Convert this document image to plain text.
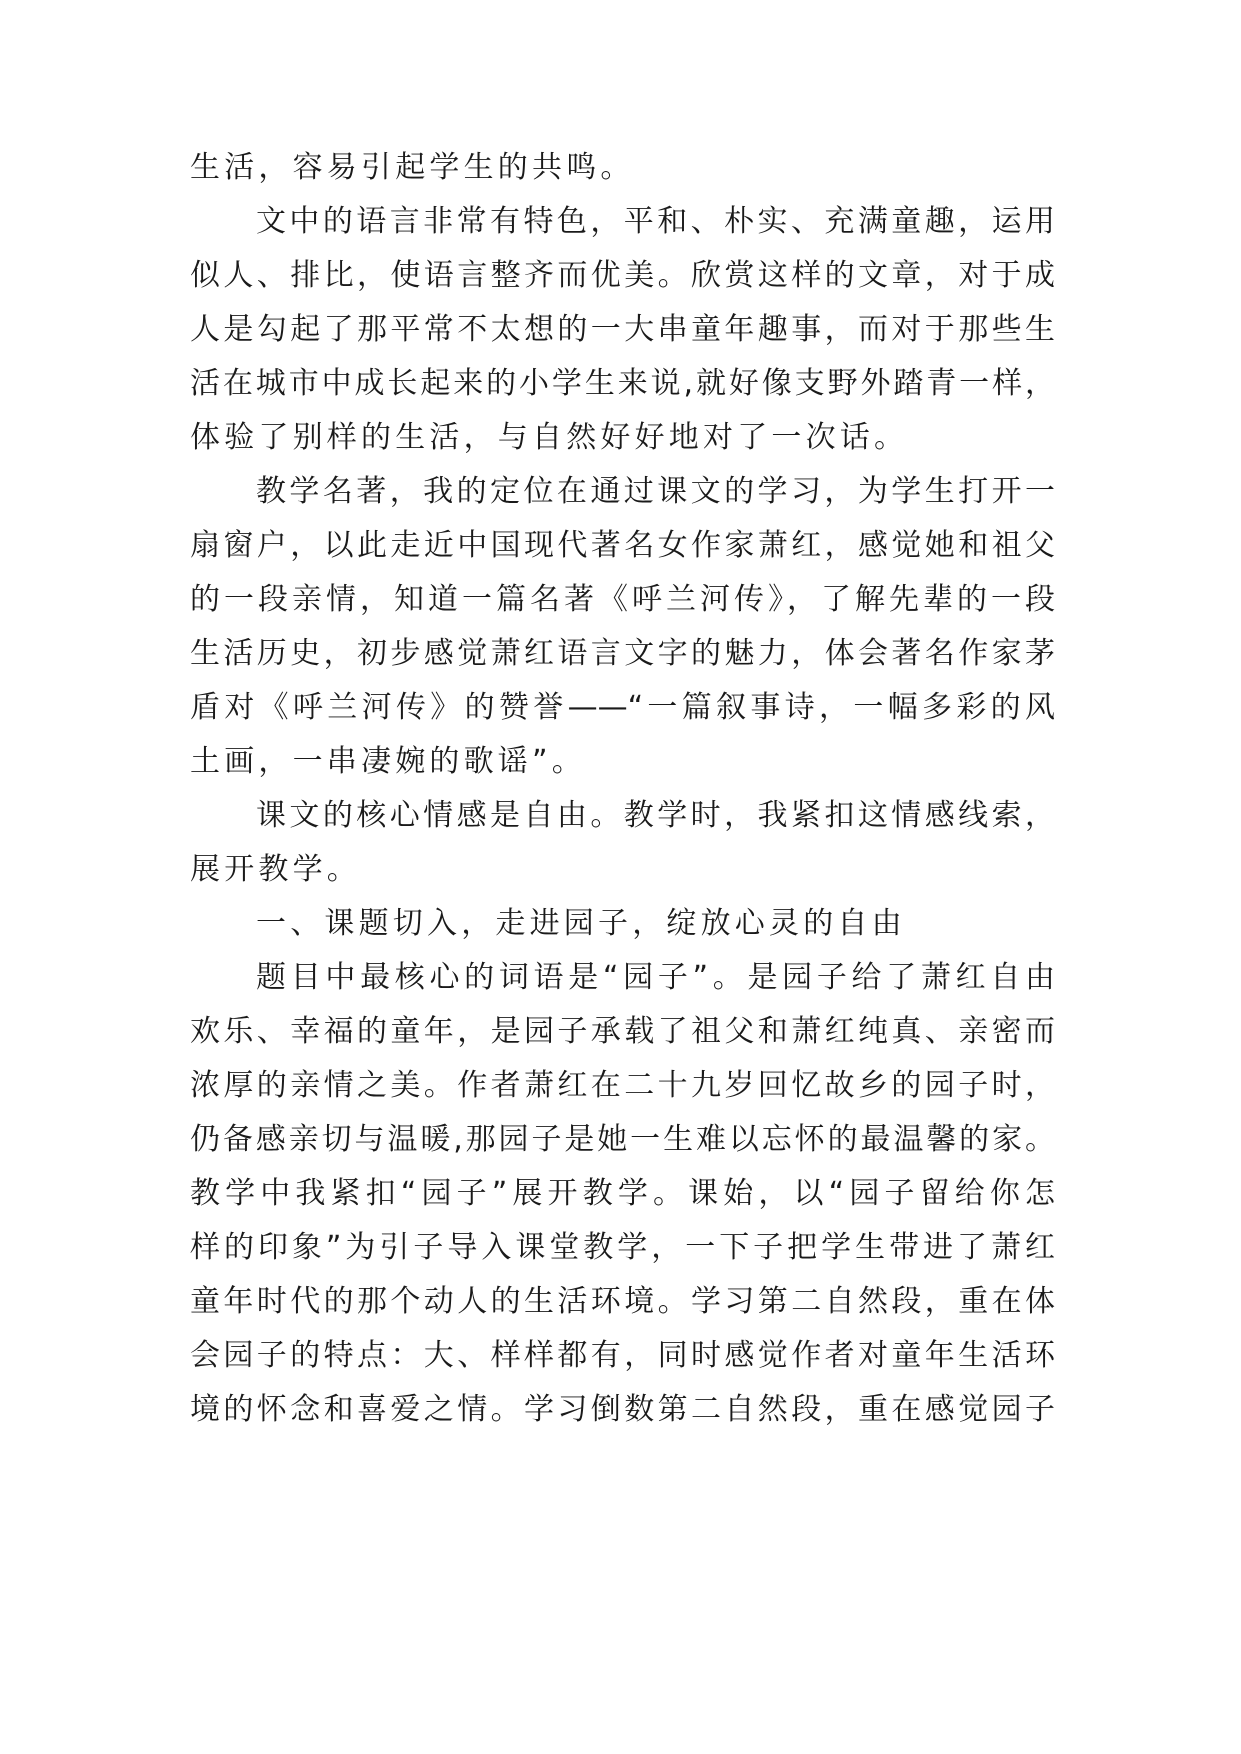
生活，容易引起学生的共鸣。
文中的语言非常有特色，平和、朴实、充满童趣，运用
似人、排比，使语言整齐而优美。欣赏这样的文章，对于成
人是勾起了那平常不太想的一大串童年趣事，而对于那些生
活在城市中成长起来的小学生来说,就好像支野外踏青一样，
体验了别样的生活，与自然好好地对了一次话。
教学名著，我的定位在通过课文的学习，为学生打开一
扇窗户，以此走近中国现代著名女作家萧红，感觉她和祖父
的一段亲情，知道一篇名著《呼兰河传》，了解先辈的一段
生活历史，初步感觉萧红语言文字的魅力，体会著名作家茅
盾对《呼兰河传》的赞誉——“一篇叙事诗，一幅多彩的风
土画，一串凄婉的歌谣”。
课文的核心情感是自由。教学时，我紧扣这情感线索，
展开教学。
一、课题切入，走进园子，绽放心灵的自由
题目中最核心的词语是“园子”。是园子给了萧红自由
欢乐、幸福的童年，是园子承载了祖父和萧红纯真、亲密而
浓厚的亲情之美。作者萧红在二十九岁回忆故乡的园子时，
仍备感亲切与温暖,那园子是她一生难以忘怀的最温馨的家。
教学中我紧扣“园子”展开教学。课始，以“园子留给你怎
样的印象”为引子导入课堂教学，一下子把学生带进了萧红
童年时代的那个动人的生活环境。学习第二自然段，重在体
会园子的特点：大、样样都有，同时感觉作者对童年生活环
境的怀念和喜爱之情。学习倒数第二自然段，重在感觉园子
